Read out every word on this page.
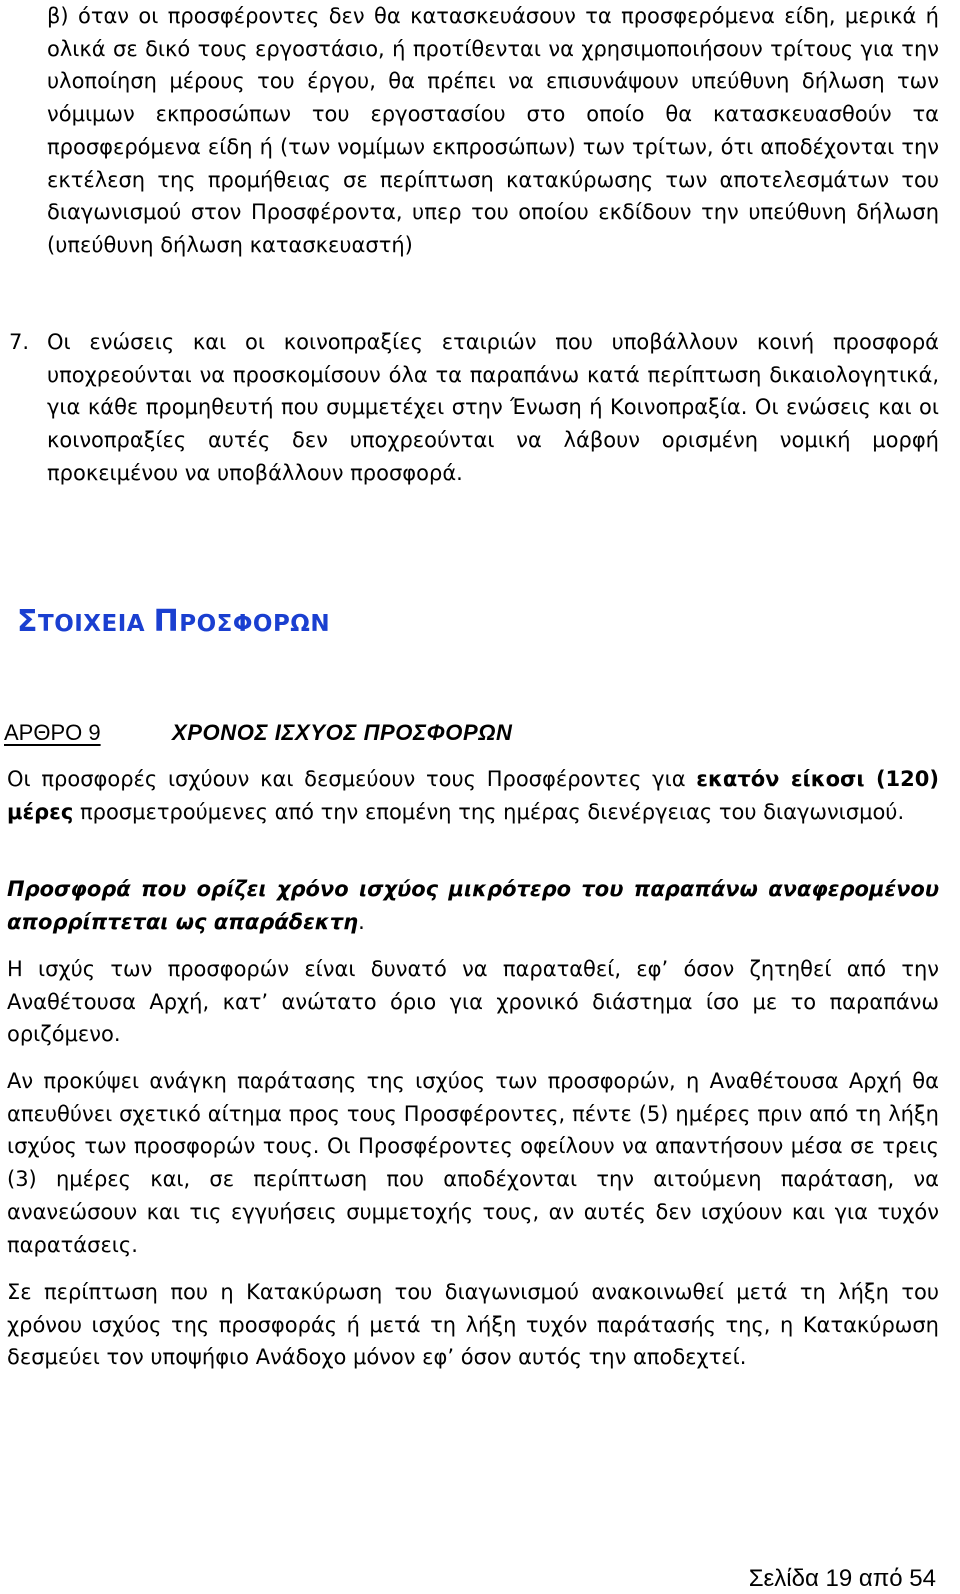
β) όταν οι προσφέροντες δεν θα κατασκευάσουν τα προσφερόμενα είδη, μερικά ή ολικά σε δικό τους εργοστάσιο, ή προτίθενται να χρησιμοποιήσουν τρίτους για την υλοποίηση μέρους του έργου, θα πρέπει να επισυνάψουν υπεύθυνη δήλωση των νόμιμων εκπροσώπων του εργοστασίου στο οποίο θα κατασκευασθούν τα προσφερόμενα είδη ή (των νομίμων εκπροσώπων) των τρίτων, ότι αποδέχονται την εκτέλεση της προμήθειας σε περίπτωση κατακύρωσης των αποτελεσμάτων του διαγωνισμού στον Προσφέροντα, υπερ του οποίου εκδίδουν την υπεύθυνη δήλωση (υπεύθυνη δήλωση κατασκευαστή)

7. Οι ενώσεις και οι κοινοπραξίες εταιριών που υποβάλλουν κοινή προσφορά υποχρεούνται να προσκομίσουν όλα τα παραπάνω κατά περίπτωση δικαιολογητικά, για κάθε προμηθευτή που συμμετέχει στην Ένωση ή Κοινοπραξία. Οι ενώσεις και οι κοινοπραξίες αυτές δεν υποχρεούνται να λάβουν ορισμένη νομική μορφή προκειμένου να υποβάλλουν προσφορά.

ΣΤΟΙΧΕΙΑ ΠΡΟΣΦΟΡΩΝ
ΑΡΘΡΟ 9	ΧΡΟΝΟΣ ΙΣΧΥΟΣ ΠΡΟΣΦΟΡΩΝ

Οι προσφορές ισχύουν και δεσμεύουν τους Προσφέροντες για εκατόν είκοσι (120) μέρες προσμετρούμενες από την επομένη της ημέρας διενέργειας του διαγωνισμού.

Προσφορά που ορίζει χρόνο ισχύος μικρότερο του παραπάνω αναφερομένου απορρίπτεται ως απαράδεκτη.

Η ισχύς των προσφορών είναι δυνατό να παραταθεί, εφ’ όσον ζητηθεί από την Αναθέτουσα Αρχή, κατ’ ανώτατο όριο για χρονικό διάστημα ίσο με το παραπάνω οριζόμενο.

Αν προκύψει ανάγκη παράτασης της ισχύος των προσφορών, η Αναθέτουσα Αρχή θα απευθύνει σχετικό αίτημα προς τους Προσφέροντες, πέντε (5) ημέρες πριν από τη λήξη ισχύος των προσφορών τους. Οι Προσφέροντες οφείλουν να απαντήσουν μέσα σε τρεις (3) ημέρες και, σε περίπτωση που αποδέχονται την αιτούμενη παράταση, να ανανεώσουν και τις εγγυήσεις συμμετοχής τους, αν αυτές δεν ισχύουν και για τυχόν παρατάσεις.

Σε περίπτωση που η Κατακύρωση του διαγωνισμού ανακοινωθεί μετά τη λήξη του χρόνου ισχύος της προσφοράς ή μετά τη λήξη τυχόν παράτασής της, η Κατακύρωση δεσμεύει τον υποψήφιο Ανάδοχο μόνον εφ’ όσον αυτός την αποδεχτεί.

Σελίδα 19 από 54
